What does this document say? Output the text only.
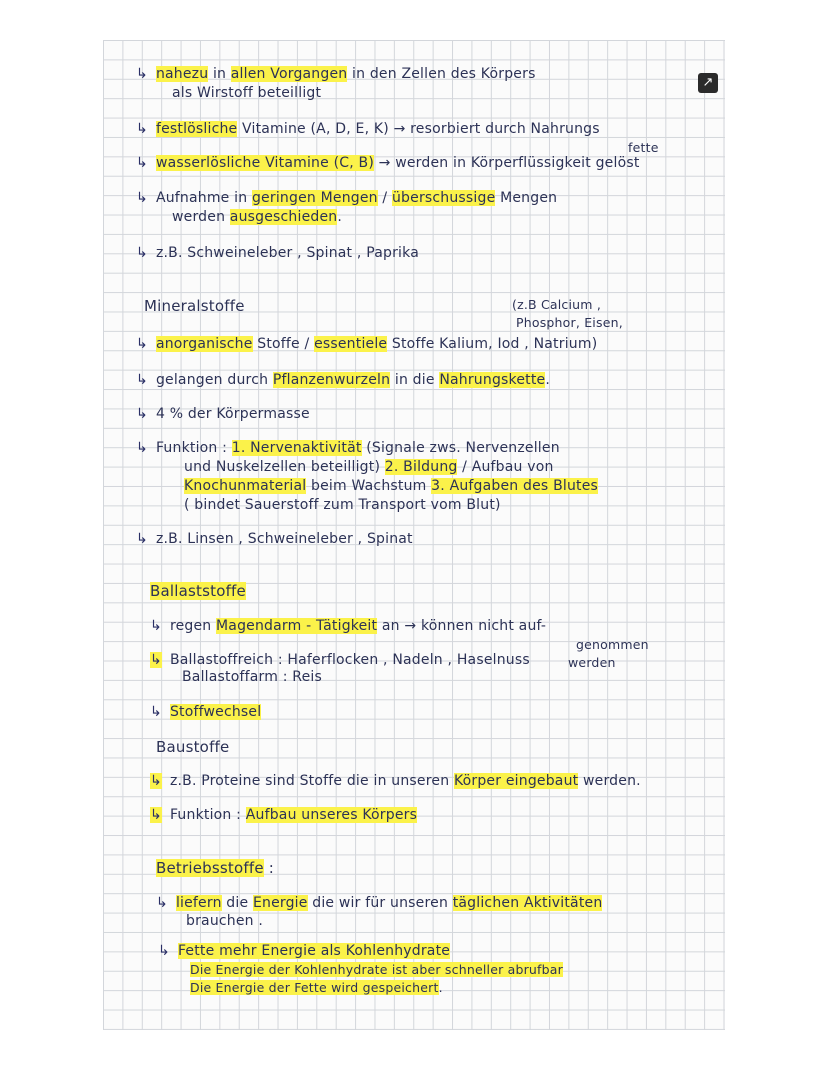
↗
↳ nahezu in allen Vorgangen in den Zellen des Körpers
als Wirstoff beteilligt
↳ festlösliche Vitamine (A, D, E, K) → resorbiert durch Nahrungs
fette
↳ wasserlösliche Vitamine (C, B) → werden in Körperflüssigkeit gelöst
↳ Aufnahme in geringen Mengen / überschussige Mengen
werden ausgeschieden.
↳ z.B. Schweineleber , Spinat , Paprika
Mineralstoffe	(z.B Calcium ,
Phosphor, Eisen,
↳ anorganische Stoffe / essentiele Stoffe Kalium, Iod , Natrium)
↳ gelangen durch Pflanzenwurzeln in die Nahrungskette.
↳ 4 % der Körpermasse
↳ Funktion : 1. Nervenaktivität (Signale zws. Nervenzellen
und Nuskelzellen beteilligt) 2. Bildung / Aufbau von
Knochunmaterial beim Wachstum 3. Aufgaben des Blutes
( bindet Sauerstoff zum Transport vom Blut)
↳ z.B. Linsen , Schweineleber , Spinat
Ballaststoffe
↳ regen Magendarm - Tätigkeit an → können nicht auf-
genommen
↳ Ballastoffreich : Haferflocken , Nadeln , Haselnuss	werden
Ballastoffarm : Reis
↳ Stoffwechsel
Baustoffe
↳ z.B. Proteine sind Stoffe die in unseren Körper eingebaut werden.
↳ Funktion : Aufbau unseres Körpers
Betriebsstoffe :
↳ liefern die Energie die wir für unseren täglichen Aktivitäten
brauchen .
↳ Fette mehr Energie als Kohlenhydrate
Die Energie der Kohlenhydrate ist aber schneller abrufbar
Die Energie der Fette wird gespeichert.
